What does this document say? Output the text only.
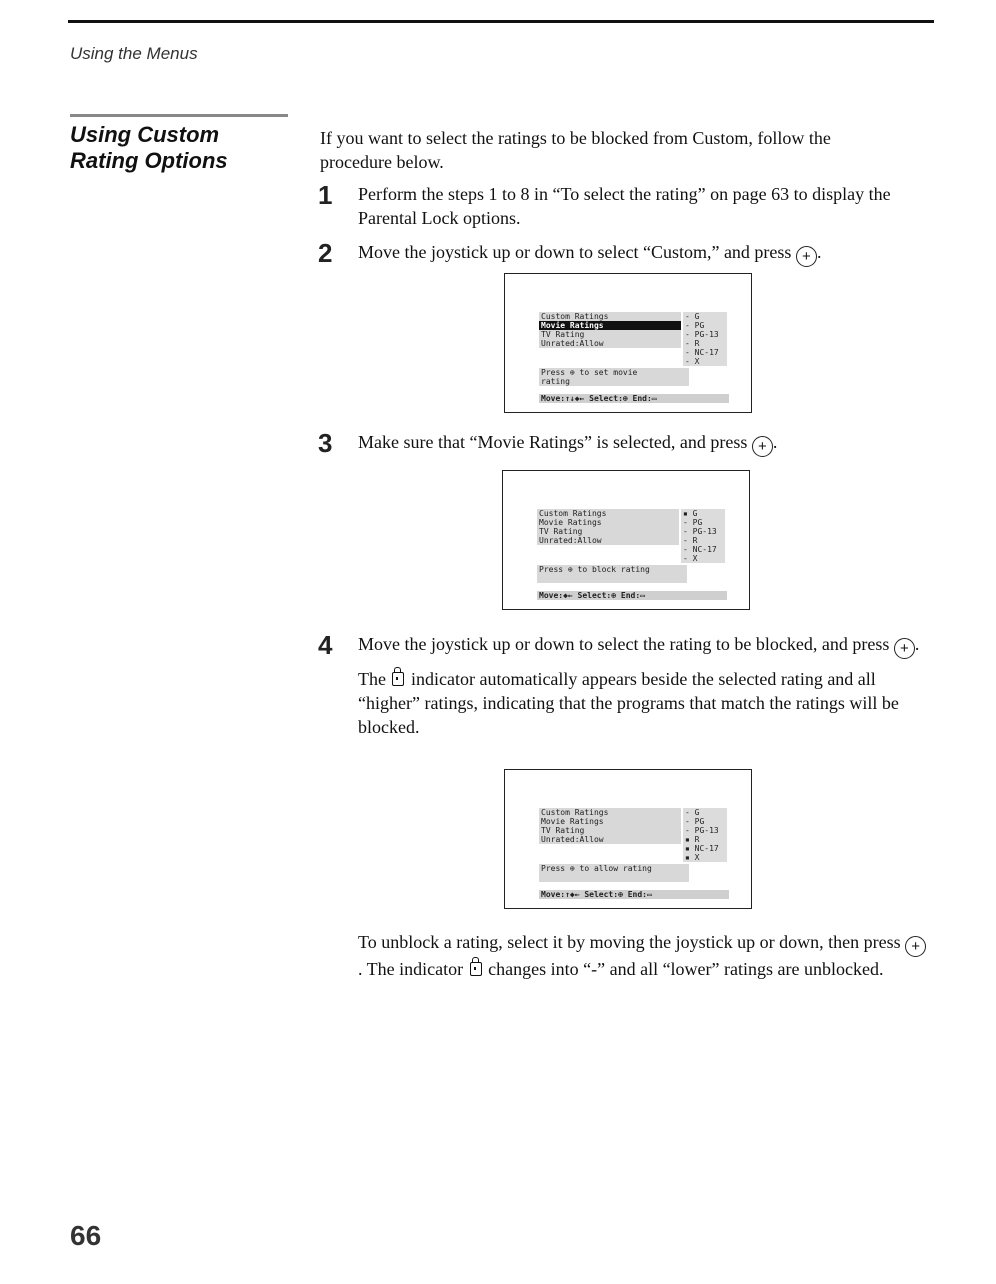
Using the Menus
Using Custom
Rating Options
If you want to select the ratings to be blocked from Custom, follow the procedure below.
1	Perform the steps 1 to 8 in “To select the rating” on page 63 to display the Parental Lock options.
2	Move the joystick up or down to select “Custom,” and press + .
Custom Ratings
Movie Ratings
TV Rating
Unrated:Allow
- G
- PG
- PG-13
- R
- NC-17
- X
Press ⊕ to set movie
rating
Move:↑↓◆← Select:⊕ End:▭
3	Make sure that “Movie Ratings” is selected, and press + .
Custom Ratings
Movie Ratings
TV Rating
Unrated:Allow
▪ G
- PG
- PG-13
- R
- NC-17
- X
Press ⊕ to block rating
Move:◆← Select:⊕ End:▭
4	Move the joystick up or down to select the rating to be blocked, and press + .
The indicator automatically appears beside the selected rating and all “higher” ratings, indicating that the programs that match the ratings will be blocked.
Custom Ratings
Movie Ratings
TV Rating
Unrated:Allow
- G
- PG
- PG-13
▪ R
▪ NC-17
▪ X
Press ⊕ to allow rating
Move:↑◆← Select:⊕ End:▭
To unblock a rating, select it by moving the joystick up or down, then press +. The indicator changes into “-” and all “lower” ratings are unblocked.
66
